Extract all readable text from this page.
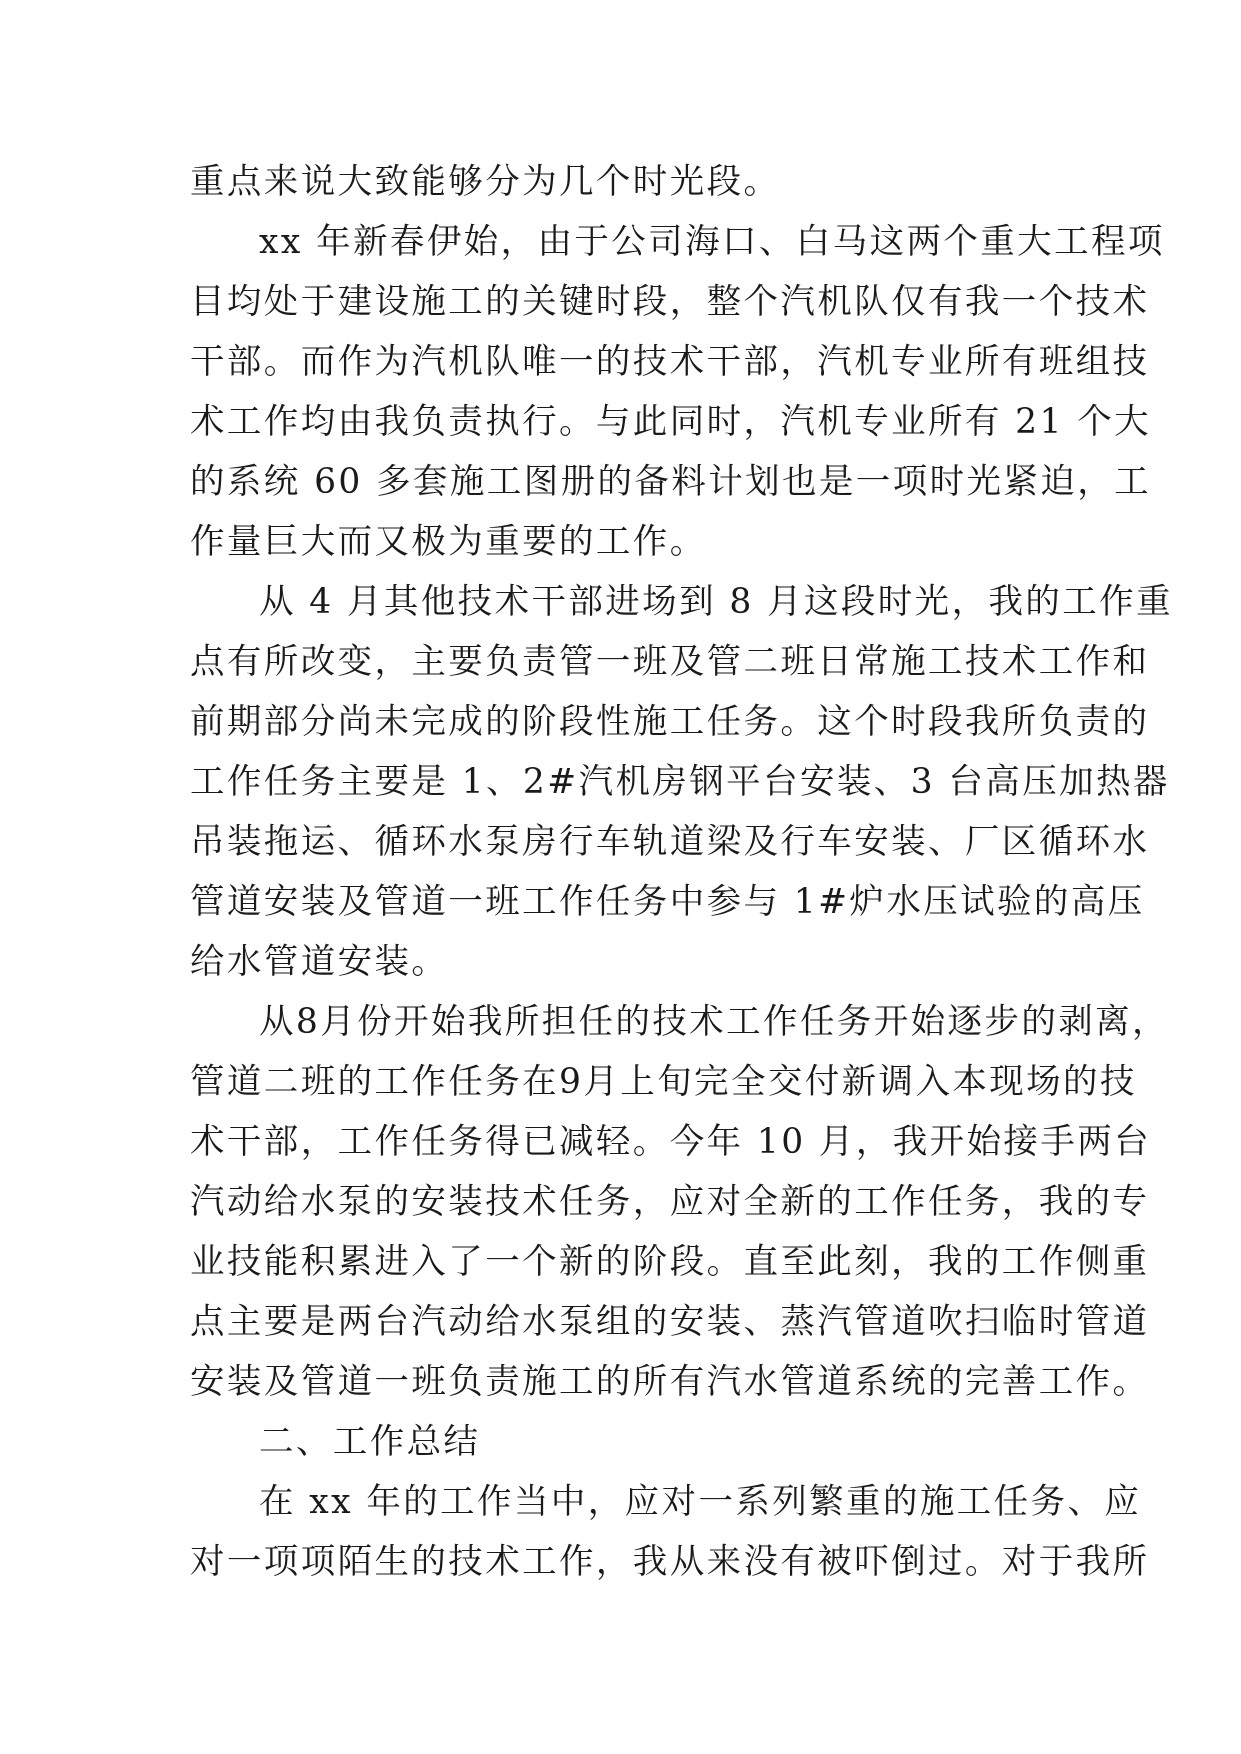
重点来说大致能够分为几个时光段。
xx 年新春伊始，由于公司海口、白马这两个重大工程项
目均处于建设施工的关键时段，整个汽机队仅有我一个技术
干部。而作为汽机队唯一的技术干部，汽机专业所有班组技
术工作均由我负责执行。与此同时，汽机专业所有 21 个大
的系统 60 多套施工图册的备料计划也是一项时光紧迫，工
作量巨大而又极为重要的工作。
从 4 月其他技术干部进场到 8 月这段时光，我的工作重
点有所改变，主要负责管一班及管二班日常施工技术工作和
前期部分尚未完成的阶段性施工任务。这个时段我所负责的
工作任务主要是 1、2#汽机房钢平台安装、3 台高压加热器
吊装拖运、循环水泵房行车轨道梁及行车安装、厂区循环水
管道安装及管道一班工作任务中参与 1#炉水压试验的高压
给水管道安装。
从8月份开始我所担任的技术工作任务开始逐步的剥离，
管道二班的工作任务在9月上旬完全交付新调入本现场的技
术干部，工作任务得已减轻。今年 10 月，我开始接手两台
汽动给水泵的安装技术任务，应对全新的工作任务，我的专
业技能积累进入了一个新的阶段。直至此刻，我的工作侧重
点主要是两台汽动给水泵组的安装、蒸汽管道吹扫临时管道
安装及管道一班负责施工的所有汽水管道系统的完善工作。
二、工作总结
在 xx 年的工作当中，应对一系列繁重的施工任务、应
对一项项陌生的技术工作，我从来没有被吓倒过。对于我所
